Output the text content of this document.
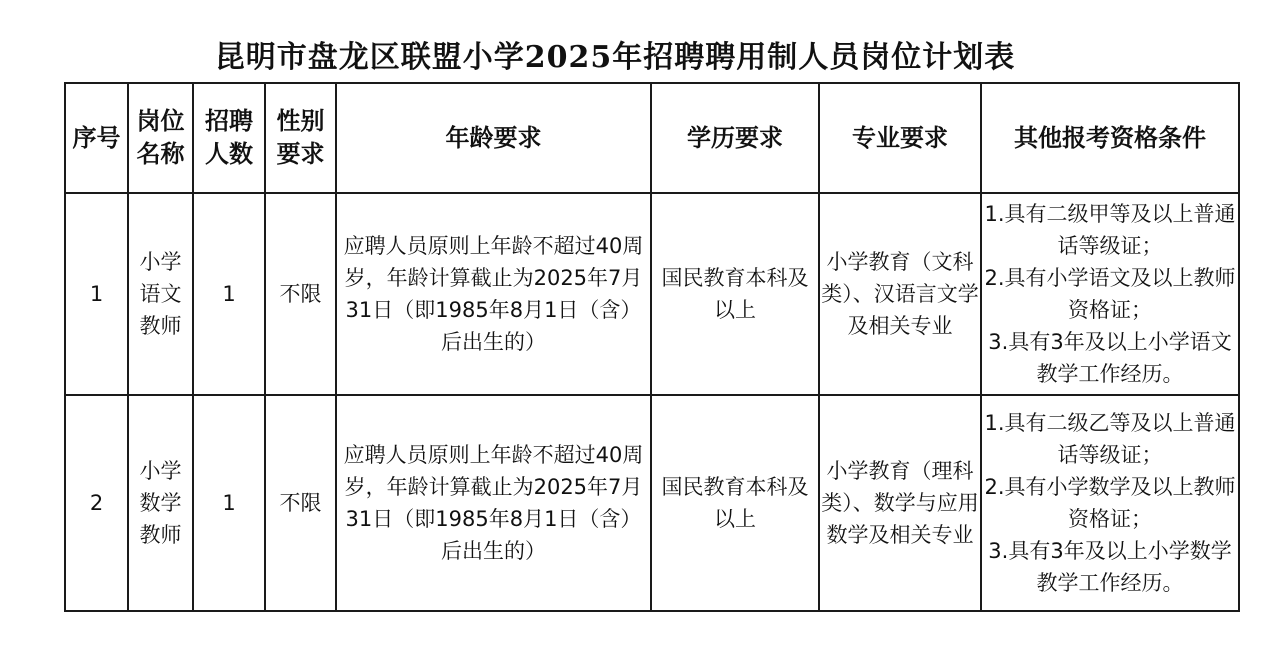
昆明市盘龙区联盟小学2025年招聘聘用制人员岗位计划表
序号	岗位名称	招聘人数	性别要求	年龄要求	学历要求	专业要求	其他报考资格条件
1	小学语文教师	1	不限	应聘人员原则上年龄不超过40周岁，年龄计算截止为2025年7月31日（即1985年8月1日（含）后出生的）	国民教育本科及以上	小学教育（文科类）、汉语言文学及相关专业	1.具有二级甲等及以上普通话等级证；
2.具有小学语文及以上教师资格证；
3.具有3年及以上小学语文教学工作经历。

2	小学数学教师	1	不限	应聘人员原则上年龄不超过40周岁，年龄计算截止为2025年7月31日（即1985年8月1日（含）后出生的）	国民教育本科及以上	小学教育（理科类）、数学与应用数学及相关专业	1.具有二级乙等及以上普通话等级证；
2.具有小学数学及以上教师资格证；
3.具有3年及以上小学数学教学工作经历。
